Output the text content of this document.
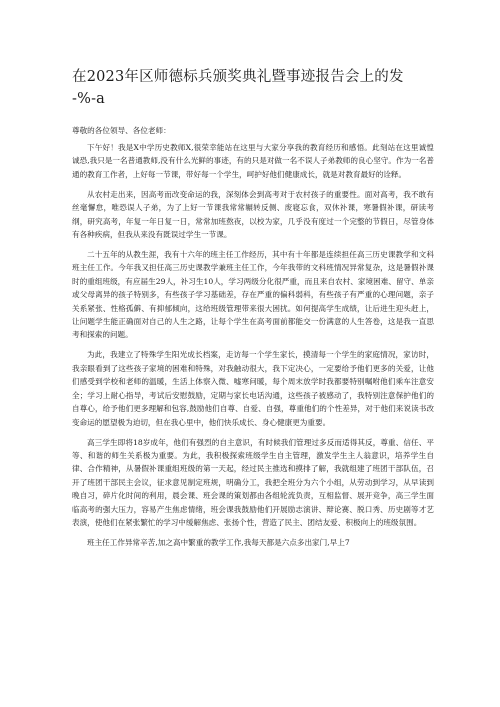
在2023年区师德标兵颁奖典礼暨事迹报告会上的发
-%-a

尊敬的各位领导、各位老师：

下午好！我是X中学历史教师X,很荣幸能站在这里与大家分享我的教育经历和感悟。此刻站在这里诚惶诚恐,我只是一名普通教师,没有什么光鲜的事迹，有的只是对做一名不误人子弟教师的良心坚守。作为一名普通的教育工作者，上好每一节课，带好每一个学生，呵护好他们健康成长，就是对教育最好的诠释。

从农村走出来，因高考而改变命运的我，深刻体会到高考对于农村孩子的重要性。面对高考，我不敢有丝毫懈怠，唯恐误人子弟，为了上好一节课我常常辗转反侧、废寝忘食，双休补课，寒暑假补课，研读考纲，研究高考，年复一年日复一日，常常加班熬夜，以校为家，几乎没有度过一个完整的节假日，尽管身体有各种疾病，但我从来没有既误过学生一节课。

二十五年的从教生涯，我有十六年的班主任工作经历，其中有十年都是连续担任高三历史课教学和文科班主任工作。今年我又担任高三历史课教学兼班主任工作，今年我带的文科班情况异常复杂，这是暑假补课时的重组班级，有应届生29人，补习生10人，学习两级分化很严重，而且来自农村、家境困难、留守、单亲或父母离异的孩子特别多，有些孩子学习基础差，存在严重的偏科弱科，有些孩子有严重的心理问题，亲子关系紧张、性格孤僻、有抑郁倾向，这给班级管理带来很大困扰。如何提高学生成绩，让后进生迎头赶上，让问题学生能正确面对自己的人生之路，让每个学生在高考面前都能交一份满意的人生答卷，这是我一直思考和探索的问题。

为此，我建立了特殊学生阳光成长档案，走访每一个学生家长，摸清每一个学生的家庭情况，家访时，我亲眼看到了这些孩子家境的困难和特殊，对我触动很大，我下定决心，一定要给予他们更多的关爱，让他们感受到学校和老师的温暖，生活上体察入微、嘘寒问暖，每个周末放学时我都要特别嘱咐他们乘车注意安全；学习上耐心指导，考试后安慰鼓励，定期与家长电话沟通，这些孩子被感动了，我特别注意保护他们的自尊心，给予他们更多理解和包容,鼓励他们自尊、自爱、自强，尊重他们的个性差异，对于他们来说读书改变命运的愿望极为迫切，但在我心里中，他们快乐成长、身心健康更为重要。

高三学生即将18岁成年，他们有强烈的自主意识，有时候我们管理过多反而适得其反，尊重、信任、平等、和谐的师生关系极为重要。为此，我积极探索班级学生自主管理，激发学生主人翁意识，培养学生自律、合作精神，从暑假补课重组班级的第一天起，经过民主推选和摸排了解，我就组建了班团干部队伍，召开了班团干部民主会议，征求意见制定班规，明确分工，我把全班分为六个小组，从劳动到学习，从早读到晚自习，碎片化时间的利用，晨会课、班会课的策划都由各组轮流负责，互相监督、展开竞争，高三学生面临高考的强大压力，容易产生焦虑情绪，班会课我鼓励他们开展励志演讲、辩论赛、脱口秀、历史剧等才艺表演，使他们在紧张繁忙的学习中缓解焦虑、张扬个性，营造了民主、团结友爱、积极向上的班级氛围。

班主任工作异常辛苦,加之高中繁重的教学工作,我每天都是六点多出家门,早上7
